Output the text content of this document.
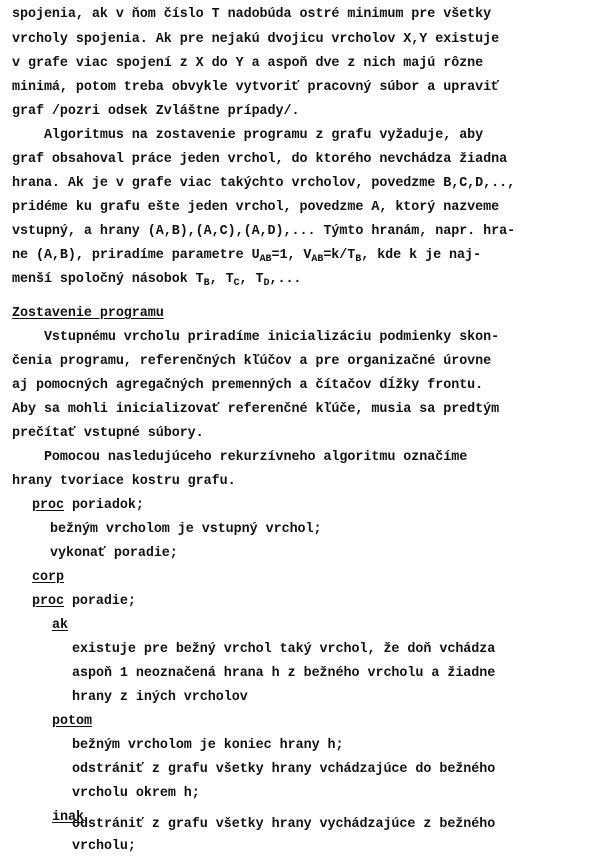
spojenia, ak v ňom číslo T nadobúda ostré minimum pre všetky
vrcholy spojenia. Ak pre nejakú dvojicu vrcholov X,Y existuje
v grafe viac spojení z X do Y a aspoň dve z nich majú rôzne
minimá, potom treba obvykle vytvoriť pracovný súbor a upraviť
graf /pozri odsek Zvláštne prípady/.
Algoritmus na zostavenie programu z grafu vyžaduje, aby
graf obsahoval práce jeden vrchol, do ktorého nevchádza žiadna
hrana. Ak je v grafe viac takýchto vrcholov, povedzme B,C,D,..,
pridéme ku grafu ešte jeden vrchol, povedzme A, ktorý nazveme
vstupný, a hrany (A,B),(A,C),(A,D),... Týmto hranám, napr. hra-
ne (A,B), priradíme parametre $U_{AB}=1$, $V_{AB}=k/T_B$, kde k je naj-
menší spoločný násobok $T_B$, $T_C$, $T_D$,...
Zostavenie programu
Vstupnému vrcholu priradíme inicializáciu podmienky skon-
čenia programu, referenčných kľúčov a pre organizačné úrovne
aj pomocných agregačných premenných a čítačov dĺžky frontu.
Aby sa mohli inicializovať referenčné kľúče, musia sa predtým
prečítať vstupné súbory.
Pomocou nasledujúceho rekurzívneho algoritmu označíme
hrany tvoriace kostru grafu.
proc poriadok;
bežným vrcholom je vstupný vrchol;
vykonať poradie;
corp
proc poradie;
ak
existuje pre bežný vrchol taký vrchol, že doň vchádza
aspoň 1 neoznačená hrana h z bežného vrcholu a žiadne
hrany z iných vrcholov
potom
bežným vrcholom je koniec hrany h;
odstrániť z grafu všetky hrany vchádzajúce do bežného
vrcholu okrem h;
inak
odstrániť z grafu všetky hrany vychádzajúce z bežného
vrcholu;
